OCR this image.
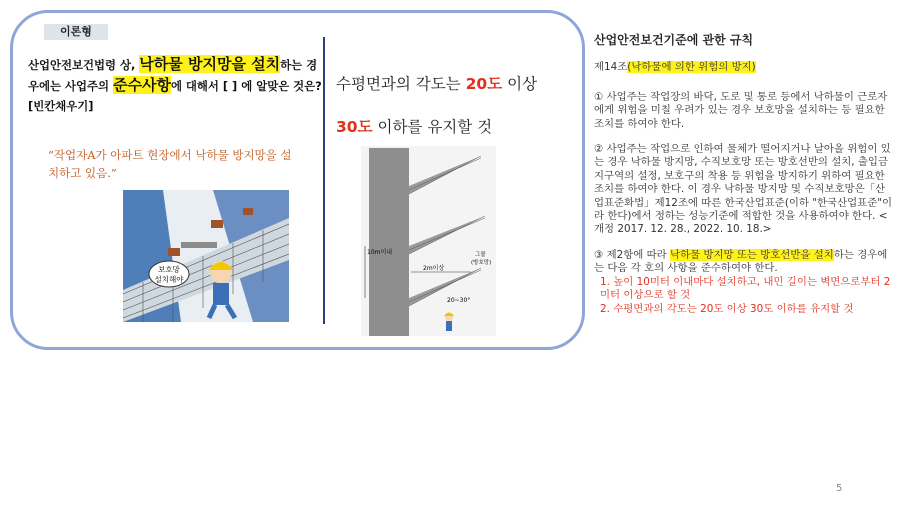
이론형
산업안전보건법령 상, 낙하물 방지망을 설치하는 경우에는 사업주의 준수사항에 대해서 [ ] 에 알맞은 것은? [빈칸채우기]
“작업자A가 아파트 현장에서 낙하물 방지망을 설치하고 있음.”
보호망
설치해야
수평면과의 각도는 20도 이상
30도 이하를 유지할 것
10m이내
2m이상
20~30°
그물
(방호망)
산업안전보건기준에 관한 규칙
제14조(낙하물에 의한 위험의 방지)
① 사업주는 작업장의 바닥, 도로 및 통로 등에서 낙하물이 근로자에게 위험을 미칠 우려가 있는 경우 보호망을 설치하는 등 필요한 조치를 하여야 한다.
② 사업주는 작업으로 인하여 물체가 떨어지거나 날아올 위험이 있는 경우 낙하물 방지망, 수직보호망 또는 방호선반의 설치, 출입금지구역의 설정, 보호구의 착용 등 위험을 방지하기 위하여 필요한 조치를 하여야 한다. 이 경우 낙하물 방지망 및 수직보호망은「산업표준화법」제12조에 따른 한국산업표준(이하 "한국산업표준"이라 한다)에서 정하는 성능기준에 적합한 것을 사용하여야 한다. <개정 2017. 12. 28., 2022. 10. 18.>
③ 제2항에 따라 낙하물 방지망 또는 방호선반을 설치하는 경우에는 다음 각 호의 사항을 준수하여야 한다.
1. 높이 10미터 이내마다 설치하고, 내민 길이는 벽면으로부터 2미터 이상으로 할 것
2. 수평면과의 각도는 20도 이상 30도 이하를 유지할 것
5
